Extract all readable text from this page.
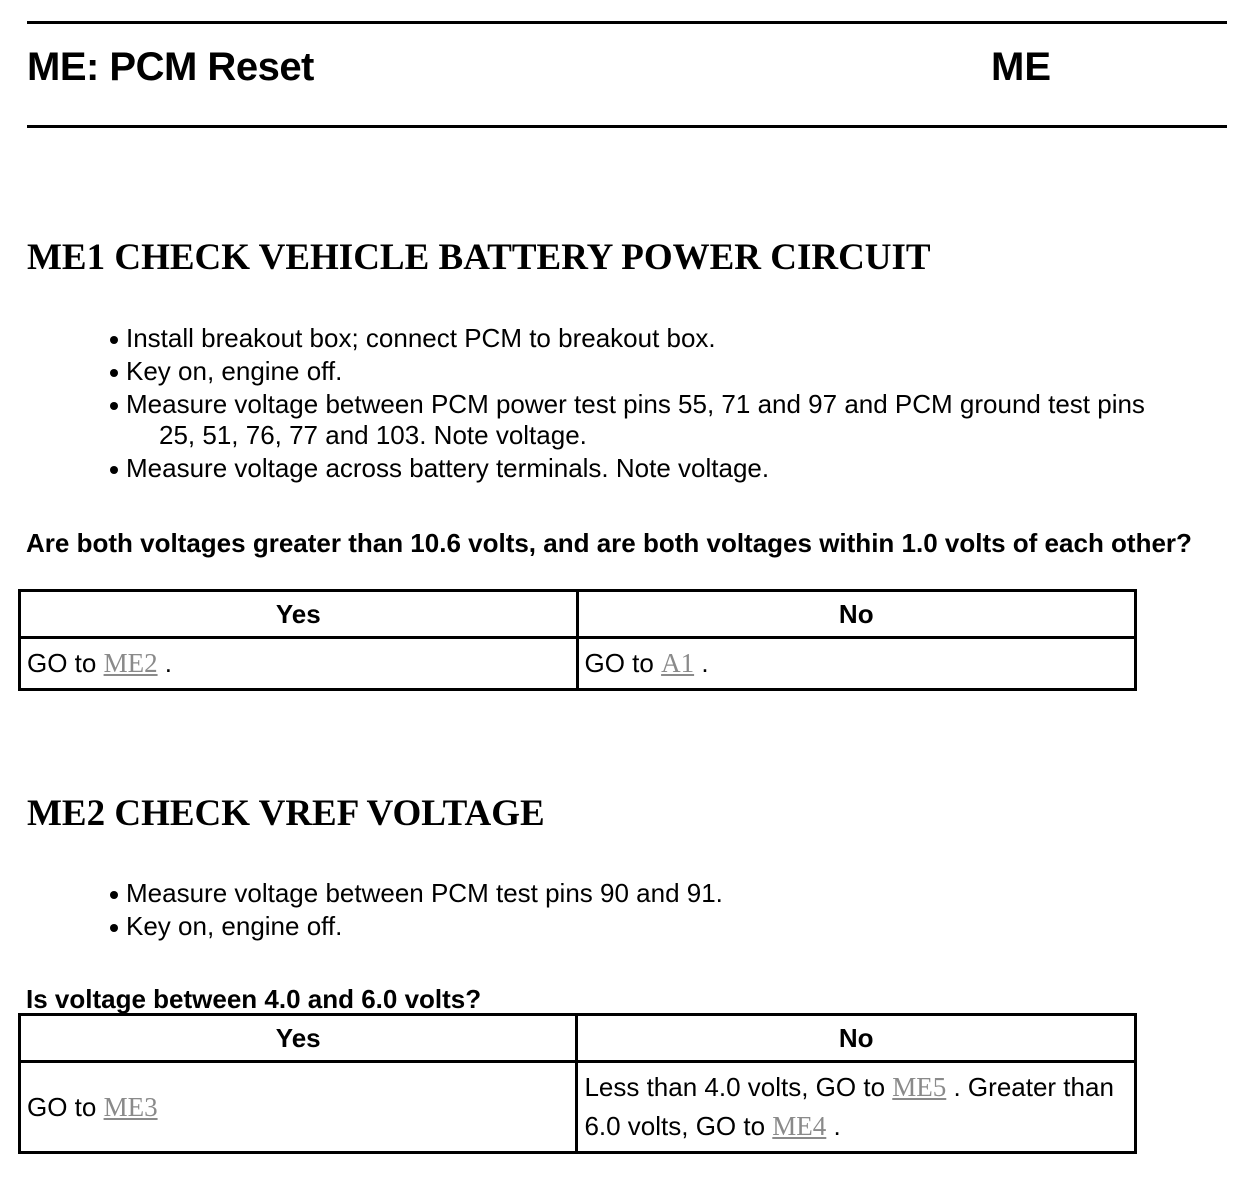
ME: PCM Reset	ME
ME1 CHECK VEHICLE BATTERY POWER CIRCUIT
Install breakout box; connect PCM to breakout box.
Key on, engine off.
Measure voltage between PCM power test pins 55, 71 and 97 and PCM ground test pins
25, 51, 76, 77 and 103. Note voltage.
Measure voltage across battery terminals. Note voltage.
Are both voltages greater than 10.6 volts, and are both voltages within 1.0 volts of each other?
Yes	No
GO to ME2 .	GO to A1 .
ME2 CHECK VREF VOLTAGE
Measure voltage between PCM test pins 90 and 91.
Key on, engine off.
Is voltage between 4.0 and 6.0 volts?
Yes	No
GO to ME3	Less than 4.0 volts, GO to ME5 . Greater than 6.0 volts, GO to ME4 .
